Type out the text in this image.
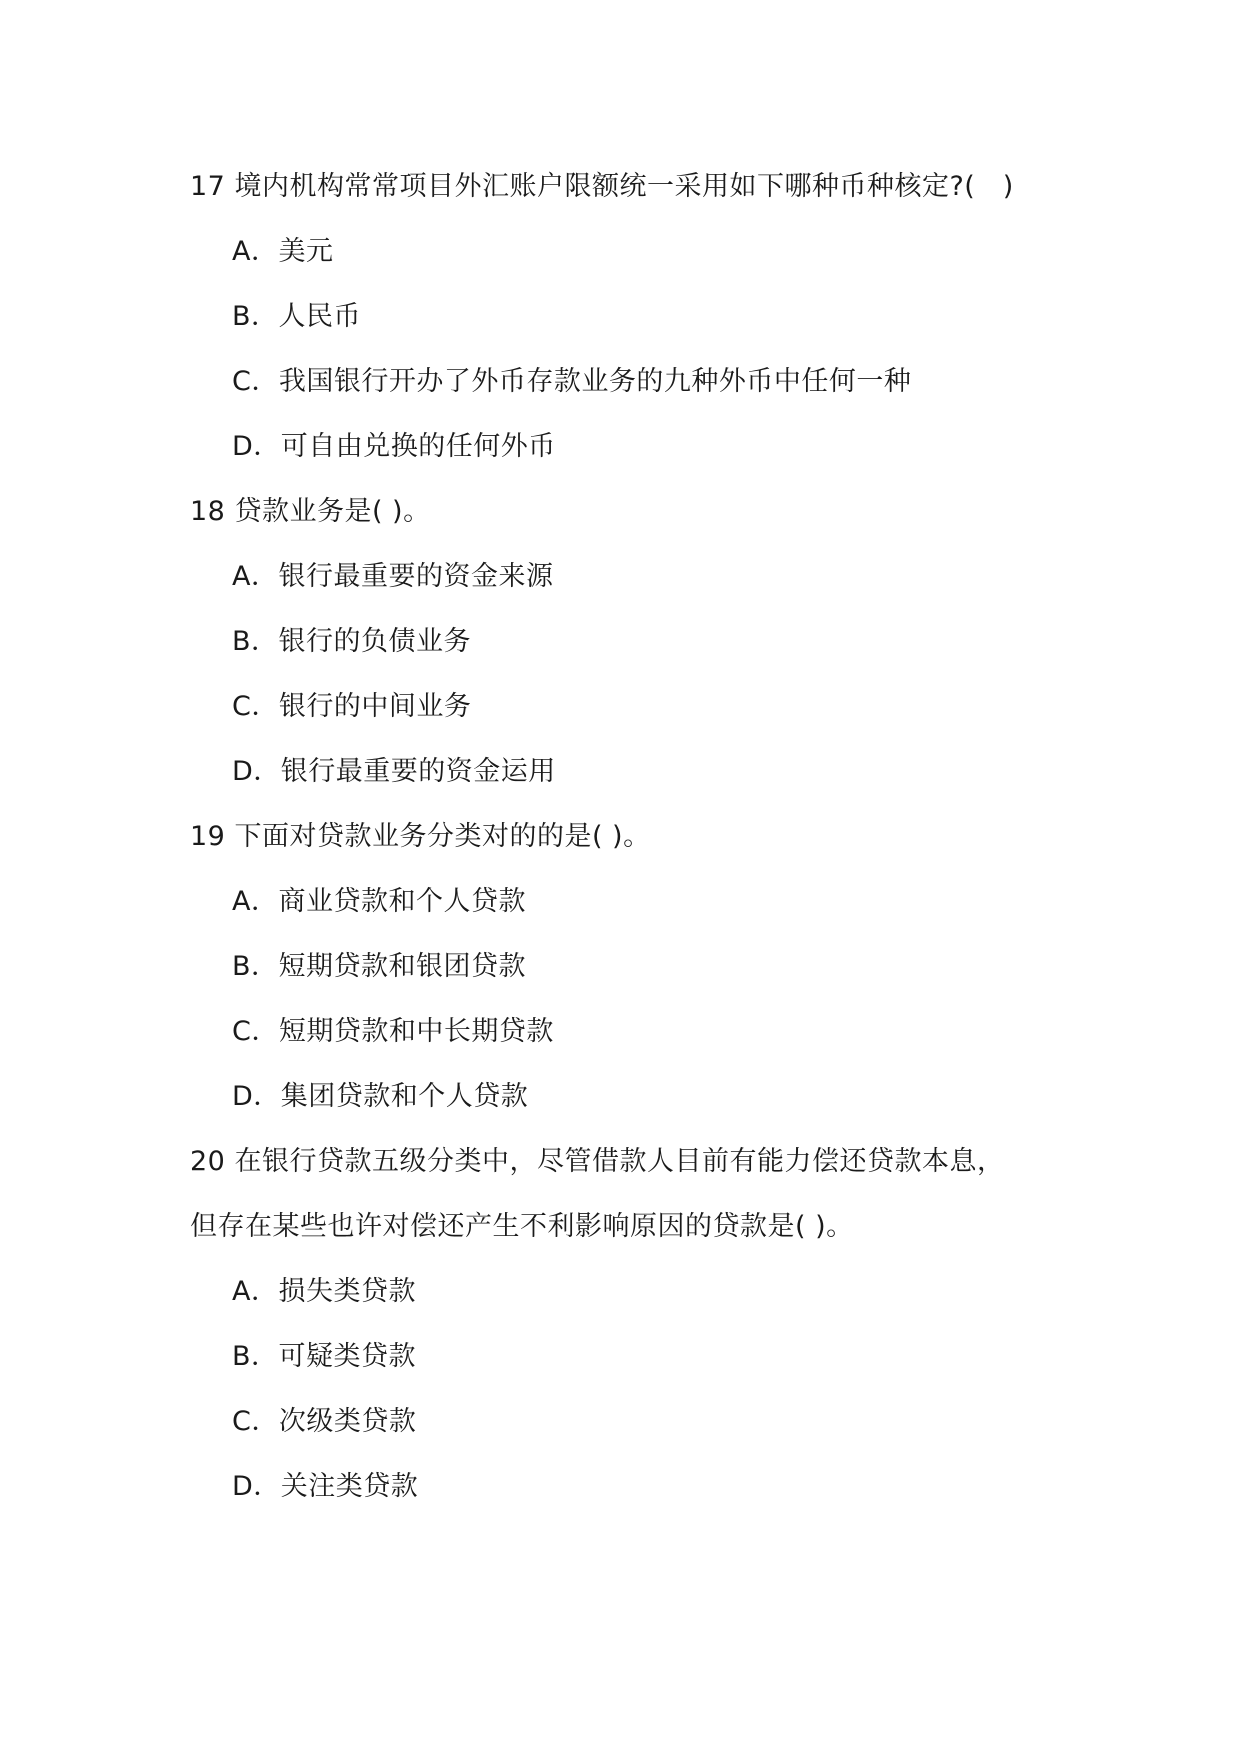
17 境内机构常常项目外汇账户限额统一采用如下哪种币种核定?(　)
A．美元
B．人民币
C．我国银行开办了外币存款业务的九种外币中任何一种
D．可自由兑换的任何外币
18 贷款业务是( )。
A．银行最重要的资金来源
B．银行的负债业务
C．银行的中间业务
D．银行最重要的资金运用
19 下面对贷款业务分类对的的是( )。
A．商业贷款和个人贷款
B．短期贷款和银团贷款
C．短期贷款和中长期贷款
D．集团贷款和个人贷款
20 在银行贷款五级分类中，尽管借款人目前有能力偿还贷款本息，
但存在某些也许对偿还产生不利影响原因的贷款是( )。
A．损失类贷款
B．可疑类贷款
C．次级类贷款
D．关注类贷款
